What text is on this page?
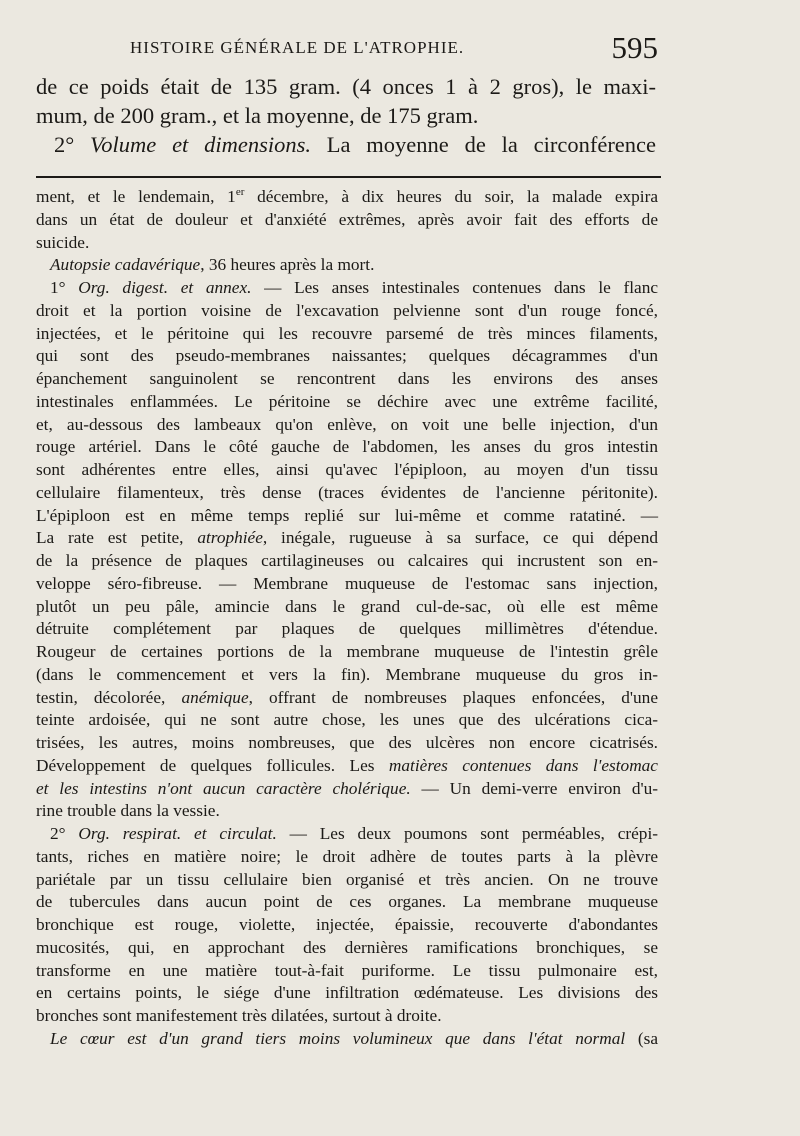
HISTOIRE GÉNÉRALE DE L'ATROPHIE.	595

de ce poids était de 135 gram. (4 onces 1 à 2 gros), le maxi-

mum, de 200 gram., et la moyenne, de 175 gram.

2° Volume et dimensions. La moyenne de la circonférence

ment, et le lendemain, 1er décembre, à dix heures du soir, la malade expira
dans un état de douleur et d'anxiété extrêmes, après avoir fait des efforts de
suicide.

Autopsie cadavérique, 36 heures après la mort.

1° Org. digest. et annex. — Les anses intestinales contenues dans le flanc
droit et la portion voisine de l'excavation pelvienne sont d'un rouge foncé,
injectées, et le péritoine qui les recouvre parsemé de très minces filaments,
qui sont des pseudo-membranes naissantes; quelques décagrammes d'un
épanchement sanguinolent se rencontrent dans les environs des anses
intestinales enflammées. Le péritoine se déchire avec une extrême facilité,
et, au-dessous des lambeaux qu'on enlève, on voit une belle injection, d'un
rouge artériel. Dans le côté gauche de l'abdomen, les anses du gros intestin
sont adhérentes entre elles, ainsi qu'avec l'épiploon, au moyen d'un tissu
cellulaire filamenteux, très dense (traces évidentes de l'ancienne péritonite).
L'épiploon est en même temps replié sur lui-même et comme ratatiné. —
La rate est petite, atrophiée, inégale, rugueuse à sa surface, ce qui dépend
de la présence de plaques cartilagineuses ou calcaires qui incrustent son en-
veloppe séro-fibreuse. — Membrane muqueuse de l'estomac sans injection,
plutôt un peu pâle, amincie dans le grand cul-de-sac, où elle est même
détruite complétement par plaques de quelques millimètres d'étendue.
Rougeur de certaines portions de la membrane muqueuse de l'intestin grêle
(dans le commencement et vers la fin). Membrane muqueuse du gros in-
testin, décolorée, anémique, offrant de nombreuses plaques enfoncées, d'une
teinte ardoisée, qui ne sont autre chose, les unes que des ulcérations cica-
trisées, les autres, moins nombreuses, que des ulcères non encore cicatrisés.
Développement de quelques follicules. Les matières contenues dans l'estomac
et les intestins n'ont aucun caractère cholérique. — Un demi-verre environ d'u-
rine trouble dans la vessie.

2° Org. respirat. et circulat. — Les deux poumons sont perméables, crépi-
tants, riches en matière noire; le droit adhère de toutes parts à la plèvre
pariétale par un tissu cellulaire bien organisé et très ancien. On ne trouve
de tubercules dans aucun point de ces organes. La membrane muqueuse
bronchique est rouge, violette, injectée, épaissie, recouverte d'abondantes
mucosités, qui, en approchant des dernières ramifications bronchiques, se
transforme en une matière tout-à-fait puriforme. Le tissu pulmonaire est,
en certains points, le siége d'une infiltration œdémateuse. Les divisions des
bronches sont manifestement très dilatées, surtout à droite.

Le cœur est d'un grand tiers moins volumineux que dans l'état normal (sa
